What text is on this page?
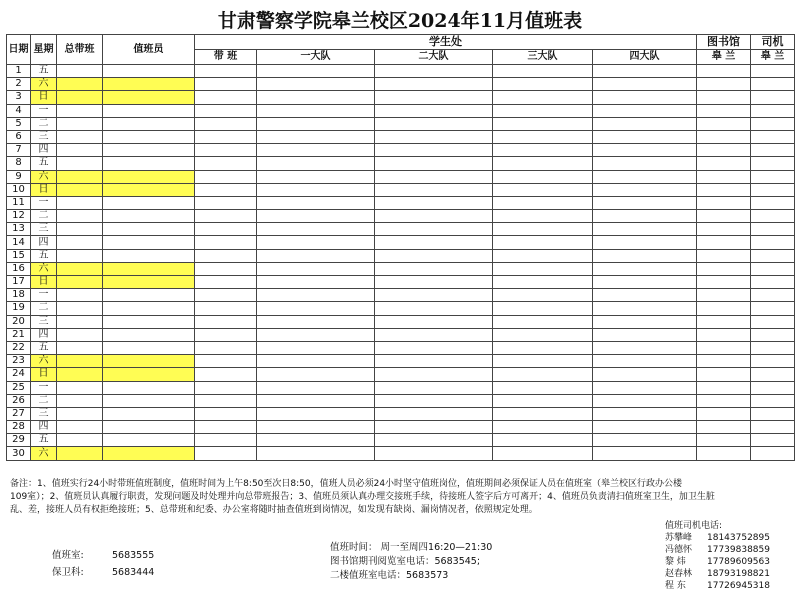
甘肃警察学院皋兰校区2024年11月值班表
日期	星期	总带班	值班员	学生处					图书馆	司机
				带 班	一大队	二大队	三大队	四大队	皋 兰	皋 兰
1	五									
2	六									
3	日									
4	一									
5	二									
6	三									
7	四									
8	五									
9	六									
10	日									
11	一									
12	二									
13	三									
14	四									
15	五									
16	六									
17	日									
18	一									
19	二									
20	三									
21	四									
22	五									
23	六									
24	日									
25	一									
26	二									
27	三									
28	四									
29	五									
30	六									
备注：1、值班实行24小时带班值班制度，值班时间为上午8:50至次日8:50，值班人员必须24小时坚守值班岗位，值班期间必须保证人员在值班室（皋兰校区行政办公楼
109室）；2、值班员认真履行职责，发现问题及时处理并向总带班报告；3、值班员须认真办理交接班手续，待接班人签字后方可离开；4、值班员负责清扫值班室卫生，加卫生脏
乱、差，接班人员有权拒绝接班；5、总带班和纪委、办公室将随时抽查值班到岗情况，如发现有缺岗、漏岗情况者，依照规定处理。
值班室:	5683555
保卫科:	5683444
值班时间： 周一至周四16:20—21:30
图书馆期刊阅览室电话：5683545;
二楼值班室电话：5683573
值班司机电话:
苏攀峰 18143752895
冯德怀 17739838859
黎 炜 17789609563
赵春林 18793198821
程 东 17726945318
